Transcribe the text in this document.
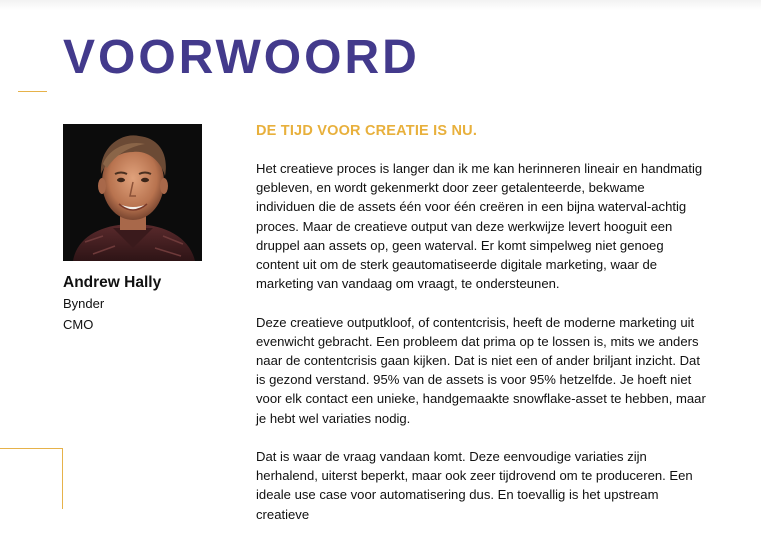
VOORWOORD
Andrew Hally
Bynder
CMO
DE TIJD VOOR CREATIE IS NU.

Het creatieve proces is langer dan ik me kan herinneren lineair en handmatig gebleven, en wordt gekenmerkt door zeer getalenteerde, bekwame individuen die de assets één voor één creëren in een bijna waterval-achtig proces. Maar de creatieve output van deze werkwijze levert hooguit een druppel aan assets op, geen waterval. Er komt simpelweg niet genoeg content uit om de sterk geautomatiseerde digitale marketing, waar de marketing van vandaag om vraagt, te ondersteunen.

Deze creatieve outputkloof, of contentcrisis, heeft de moderne marketing uit evenwicht gebracht. Een probleem dat prima op te lossen is, mits we anders naar de contentcrisis gaan kijken. Dat is niet een of ander briljant inzicht. Dat is gezond verstand. 95% van de assets is voor 95% hetzelfde. Je hoeft niet voor elk contact een unieke, handgemaakte snowflake-asset te hebben, maar je hebt wel variaties nodig.

Dat is waar de vraag vandaan komt. Deze eenvoudige variaties zijn herhalend, uiterst beperkt, maar ook zeer tijdrovend om te produceren. Een ideale use case voor automatisering dus. En toevallig is het upstream creatieve
